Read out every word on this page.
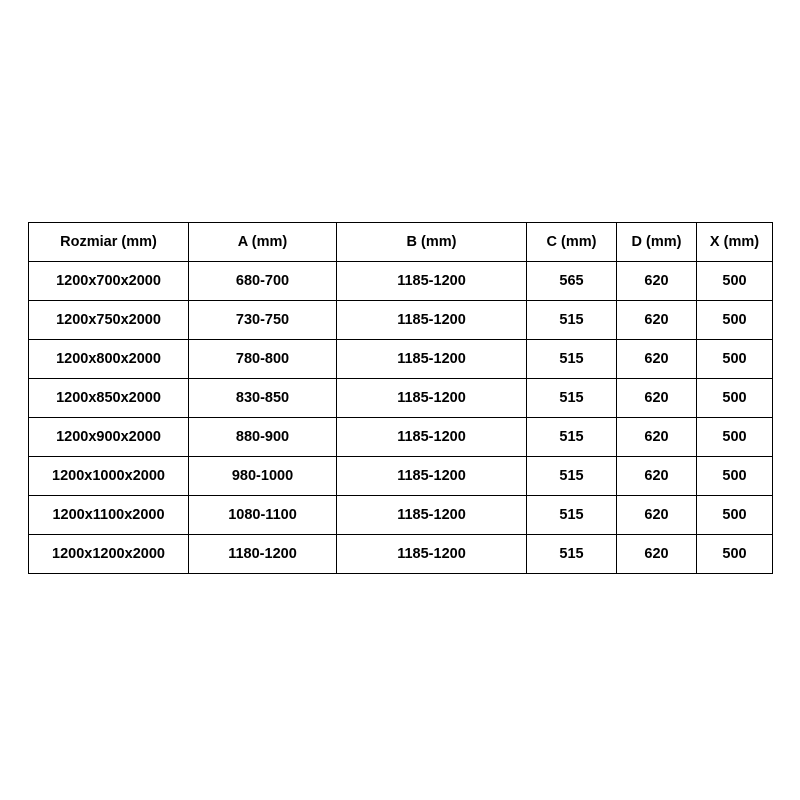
Rozmiar (mm)	A (mm)	B (mm)	C (mm)	D (mm)	X (mm)
1200x700x2000	680-700	1185-1200	565	620	500
1200x750x2000	730-750	1185-1200	515	620	500
1200x800x2000	780-800	1185-1200	515	620	500
1200x850x2000	830-850	1185-1200	515	620	500
1200x900x2000	880-900	1185-1200	515	620	500
1200x1000x2000	980-1000	1185-1200	515	620	500
1200x1100x2000	1080-1100	1185-1200	515	620	500
1200x1200x2000	1180-1200	1185-1200	515	620	500
